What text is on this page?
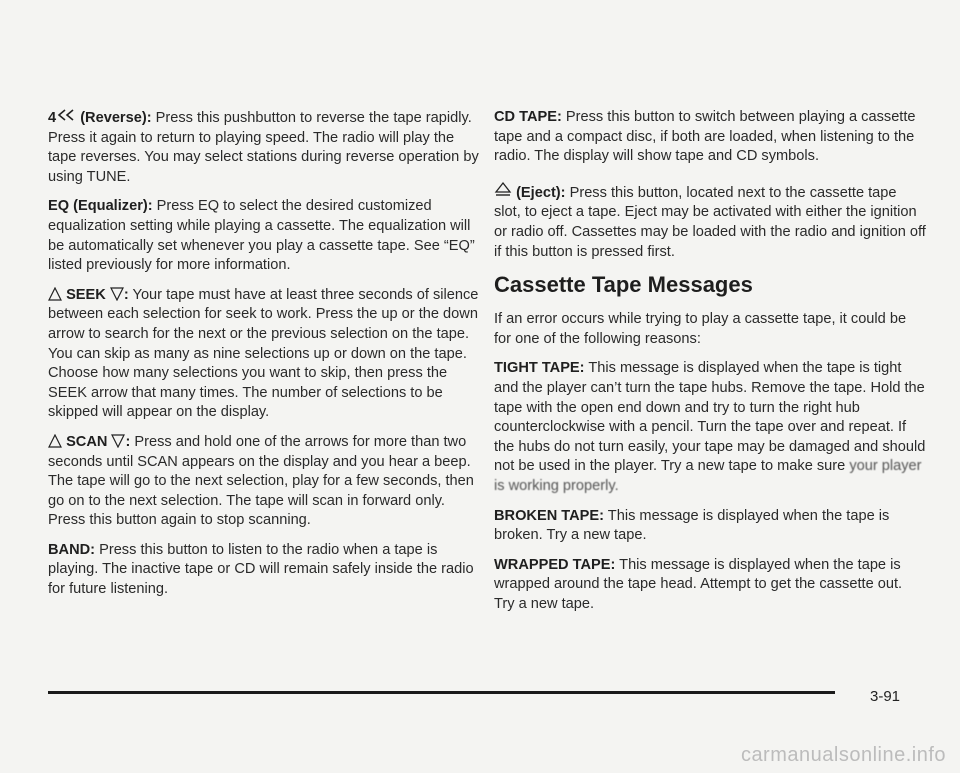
4 (Reverse): Press this pushbutton to reverse the tape rapidly. Press it again to return to playing speed. The radio will play the tape reverses. You may select stations during reverse operation by using TUNE.

EQ (Equalizer): Press EQ to select the desired customized equalization setting while playing a cassette. The equalization will be automatically set whenever you play a cassette tape. See “EQ” listed previously for more information.

SEEK : Your tape must have at least three seconds of silence between each selection for seek to work. Press the up or the down arrow to search for the next or the previous selection on the tape. You can skip as many as nine selections up or down on the tape. Choose how many selections you want to skip, then press the SEEK arrow that many times. The number of selections to be skipped will appear on the display.

SCAN : Press and hold one of the arrows for more than two seconds until SCAN appears on the display and you hear a beep. The tape will go to the next selection, play for a few seconds, then go on to the next selection. The tape will scan in forward only. Press this button again to stop scanning.

BAND: Press this button to listen to the radio when a tape is playing. The inactive tape or CD will remain safely inside the radio for future listening.

CD TAPE: Press this button to switch between playing a cassette tape and a compact disc, if both are loaded, when listening to the radio. The display will show tape and CD symbols.

(Eject): Press this button, located next to the cassette tape slot, to eject a tape. Eject may be activated with either the ignition or radio off. Cassettes may be loaded with the radio and ignition off if this button is pressed first.

Cassette Tape Messages

If an error occurs while trying to play a cassette tape, it could be for one of the following reasons:

TIGHT TAPE: This message is displayed when the tape is tight and the player can’t turn the tape hubs. Remove the tape. Hold the tape with the open end down and try to turn the right hub counterclockwise with a pencil. Turn the tape over and repeat. If the hubs do not turn easily, your tape may be damaged and should not be used in the player. Try a new tape to make sure your player is working properly.

BROKEN TAPE: This message is displayed when the tape is broken. Try a new tape.

WRAPPED TAPE: This message is displayed when the tape is wrapped around the tape head. Attempt to get the cassette out. Try a new tape.

3-91
carmanualsonline.info
